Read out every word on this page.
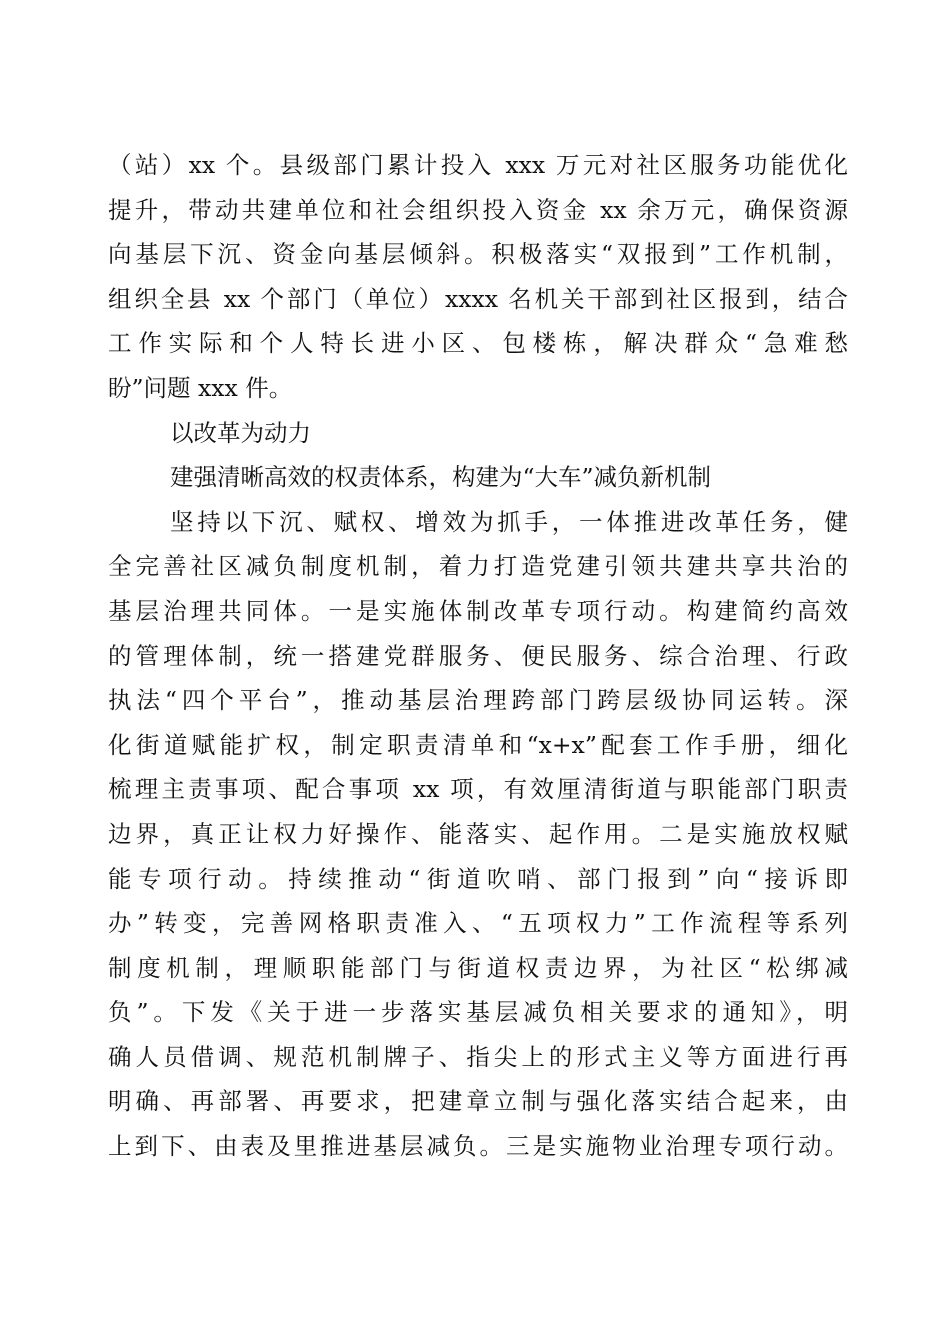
（站）xx 个。县级部门累计投入 xxx 万元对社区服务功能优化
提升，带动共建单位和社会组织投入资金 xx 余万元，确保资源
向基层下沉、资金向基层倾斜。积极落实“双报到”工作机制，
组织全县 xx 个部门（单位）xxxx 名机关干部到社区报到，结合
工作实际和个人特长进小区、包楼栋，解决群众“急难愁
盼”问题 xxx 件。
以改革为动力
建强清晰高效的权责体系，构建为“大车”减负新机制
坚持以下沉、赋权、增效为抓手，一体推进改革任务，健
全完善社区减负制度机制，着力打造党建引领共建共享共治的
基层治理共同体。一是实施体制改革专项行动。构建简约高效
的管理体制，统一搭建党群服务、便民服务、综合治理、行政
执法“四个平台”，推动基层治理跨部门跨层级协同运转。深
化街道赋能扩权，制定职责清单和“x+x”配套工作手册，细化
梳理主责事项、配合事项 xx 项，有效厘清街道与职能部门职责
边界，真正让权力好操作、能落实、起作用。二是实施放权赋
能专项行动。持续推动“街道吹哨、部门报到”向“接诉即
办”转变，完善网格职责准入、“五项权力”工作流程等系列
制度机制，理顺职能部门与街道权责边界，为社区“松绑减
负”。下发《关于进一步落实基层减负相关要求的通知》，明
确人员借调、规范机制牌子、指尖上的形式主义等方面进行再
明确、再部署、再要求，把建章立制与强化落实结合起来，由
上到下、由表及里推进基层减负。三是实施物业治理专项行动。
